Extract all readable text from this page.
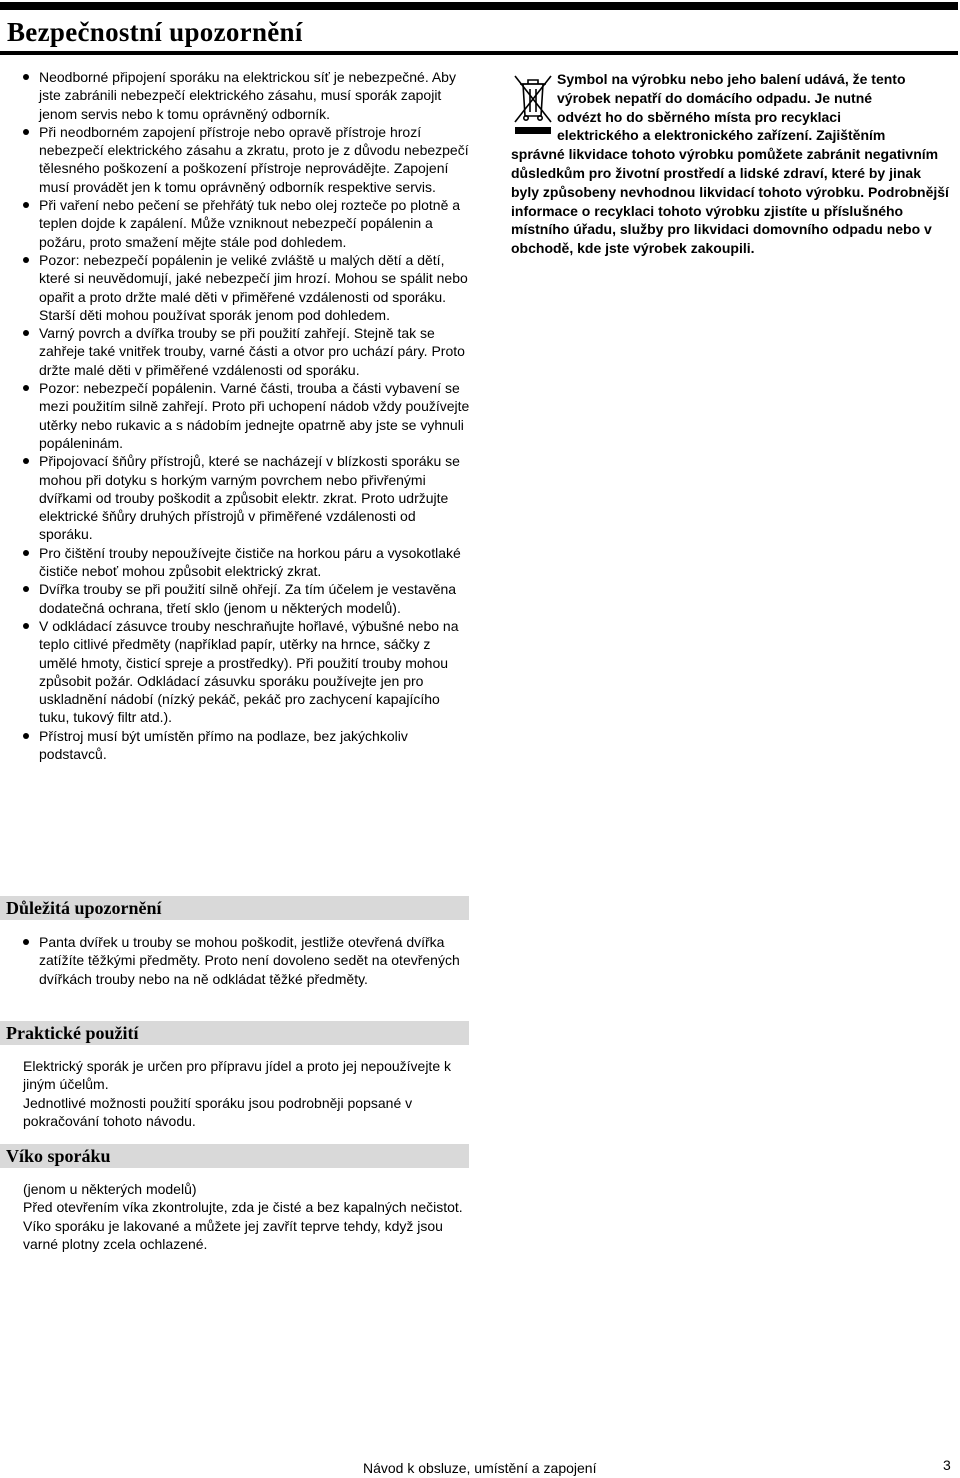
Bezpečnostní upozornění
Neodborné připojení sporáku na elektrickou síť je nebezpečné. Aby jste zabránili nebezpečí elektrického zásahu, musí sporák zapojit jenom servis nebo k tomu oprávněný odborník.
Při neodborném zapojení přístroje nebo opravě přístroje hrozí nebezpečí elektrického zásahu a zkratu, proto je z důvodu nebezpečí tělesného poškození a poškození přístroje neprovádějte. Zapojení musí provádět jen k tomu oprávněný odborník respektive servis.
Při vaření nebo pečení se přehřátý tuk nebo olej rozteče po plotně a teplen dojde k zapálení. Může vzniknout nebezpečí popálenin a požáru, proto smažení mějte stále pod dohledem.
Pozor: nebezpečí popálenin je veliké zvláště u malých dětí a dětí, které si neuvědomují, jaké nebezpečí jim hrozí. Mohou se spálit nebo opařit a proto držte malé děti v přiměřené vzdálenosti od sporáku. Starší děti mohou používat sporák jenom pod dohledem.
Varný povrch a dvířka trouby se při použití zahřejí. Stejně tak se zahřeje také vnitřek trouby, varné části a otvor pro uchází páry. Proto držte malé děti v přiměřené vzdálenosti od sporáku.
Pozor: nebezpečí popálenin. Varné části, trouba a části vybavení se mezi použitím silně zahřejí. Proto při uchopení nádob vždy používejte utěrky nebo rukavic a s nádobím jednejte opatrně aby jste se vyhnuli popáleninám.
Připojovací šňůry přístrojů, které se nacházejí v blízkosti sporáku se mohou při dotyku s horkým varným povrchem nebo přivřenými dvířkami od trouby poškodit a způsobit elektr. zkrat. Proto udržujte elektrické šňůry druhých přístrojů v přiměřené vzdálenosti od sporáku.
Pro čištění trouby nepoužívejte čističe na horkou páru a vysokotlaké čističe neboť mohou způsobit elektrický zkrat.
Dvířka trouby se při použití silně ohřejí. Za tím účelem je vestavěna dodatečná ochrana, třetí sklo (jenom u některých modelů).
V odkládací zásuvce trouby neschraňujte hořlavé, výbušné nebo na teplo citlivé předměty (například papír, utěrky na hrnce, sáčky z umělé hmoty, čisticí spreje a prostředky). Při použití trouby mohou způsobit požár. Odkládací zásuvku sporáku používejte jen pro uskladnění nádobí (nízký pekáč, pekáč pro zachycení kapajícího tuku, tukový filtr atd.).
Přístroj musí být umístěn přímo na podlaze, bez jakýchkoliv podstavců.
Důležitá upozornění
Panta dvířek u trouby se mohou poškodit, jestliže otevřená dvířka zatížíte těžkými předměty. Proto není dovoleno sedět na otevřených dvířkách trouby nebo na ně odkládat těžké předměty.
Praktické použití

Elektrický sporák je určen pro přípravu jídel a proto jej nepoužívejte k jiným účelům.

Jednotlivé možnosti použití sporáku jsou podrobněji popsané v pokračování tohoto návodu.

Víko sporáku

(jenom u některých modelů)

Před otevřením víka zkontrolujte, zda je čisté a bez kapalných nečistot.

Víko sporáku je lakované a můžete jej zavřít teprve tehdy, když jsou varné plotny zcela ochlazené.

Symbol na výrobku nebo jeho balení udává, že tento
výrobek nepatří do domácího odpadu. Je nutné
odvézt ho do sběrného místa pro recyklaci
elektrického a elektronického zařízení. Zajištěním
správné likvidace tohoto výrobku pomůžete zabránit negativním důsledkům pro životní prostředí a lidské zdraví, které by jinak byly způsobeny nevhodnou likvidací tohoto výrobku. Podrobnější informace o recyklaci tohoto výrobku zjistíte u příslušného místního úřadu, služby pro likvidaci domovního odpadu nebo v obchodě, kde jste výrobek zakoupili.
Návod k obsluze, umístění a zapojení	3
